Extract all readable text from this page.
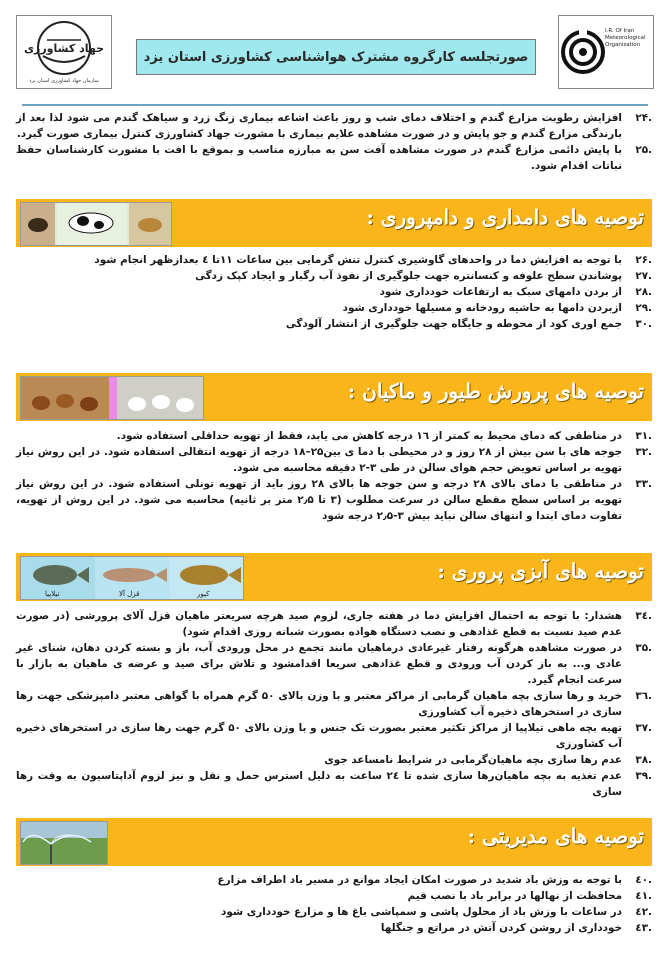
جهاد کشاورزی
سازمان جهاد کشاورزی استان یزد
صورتجلسه کارگروه مشترک هواشناسی کشاورزی استان یزد
I.R. Of Iran Meteorological Organization
.۲۴
افزایش رطوبت مزارع گندم و اختلاف دمای شب و روز باعث اشاعه بیماری زنگ زرد و سیاهک گندم می شود لذا بعد از بارندگی مزارع گندم و جو پایش و در صورت مشاهده علایم بیماری با مشورت جهاد کشاورزی کنترل بیماری صورت گیرد.
.۲۵
با پایش دائمی مزارع گندم در صورت مشاهده آفت سن به مبارزه مناسب و بموقع با افت با مشورت کارشناسان حفظ نباتات اقدام شود.
توصیه های دامداری و دامپروری :
.۲۶
با توجه به افزایش دما در واحدهای گاوشیری کنترل تنش گرمایی بین ساعات ۱۱تا ٤ بعدازظهر انجام شود
.۲۷
پوشاندن سطح علوفه و کنسانتره جهت جلوگیری از نفوذ آب رگبار و ایجاد کپک زدگی
.۲۸
از بردن دامهای سبک به ارتفاعات خودداری شود
.۲۹
ازبردن دامها به حاشیه رودخانه و مسیلها خودداری شود
.۳۰
جمع اوری کود از محوطه و جایگاه جهت جلوگیری از انتشار آلودگی
توصیه های پرورش طیور و ماکیان :
.۳۱
در مناطقی که دمای محیط به کمتر از ۱٦ درجه کاهش می یابد، فقط از تهویه حداقلی استفاده شود.
.۳۲
جوجه های با سن بیش از ۲۸ روز و در محیطی با دما ی بین۲۵–۱۸ درجه از تهویه انتقالی استفاده شود. در این روش نیاز تهویه بر اساس تعویض حجم هوای سالن در طی ۳-۲ دقیقه محاسبه می شود.
.۳۳
در مناطقی با دمای بالای ۲۸ درجه و سن جوجه ها بالای ۲۸ روز باید از تهویه تونلی استفاده شود. در این روش نیاز تهویه بر اساس سطح مقطع سالن در سرعت مطلوب (۳ تا ۲٫۵ متر بر ثانیه) محاسبه می شود. در این روش از تهویه، تفاوت دمای ابتدا و انتهای سالن نباید بیش ۳-۲٫۵ درجه شود
توصیه های آبزی پروری :
تیلاپیا	قزل آلا	کپور
.۳٤
هشدار: با توجه به احتمال افزایش دما در هفته جاری، لزوم صید هرچه سریعتر ماهیان قزل آلای پرورشی (در صورت عدم صید نسبت به قطع غذادهی و نصب دستگاه هواده بصورت شبانه روزی اقدام شود)
.۳۵
در صورت مشاهده هرگونه رفتار غیرعادی درماهیان مانند تجمع در محل ورودی آب، باز و بسته کردن دهان، شنای غیر عادی و... به باز کردن آب ورودی و قطع غذادهی سریعا اقدامشود و تلاش برای صید و عرضه ی ماهیان به بازار با سرعت انجام گیرد.
.۳٦
خرید و رها سازی بچه ماهیان گرمابی از مراکز معتبر و با وزن بالای ۵۰ گرم همراه با گواهی معتبر دامپزشکی جهت رها سازی در استخرهای ذخیره آب کشاورزی
.۳۷
تهیه بچه ماهی تیلاپیا از مراکز تکثیر معتبر بصورت تک جنس و با وزن بالای ۵۰ گرم جهت رها سازی در استخرهای ذخیره آب کشاورزی
.۳۸
عدم رها سازی بچه ماهیان‌گرمابی در شرایط نامساعد جوی
.۳۹
عدم تغذیه به بچه ماهیان‌رها سازی شده تا ۲٤ ساعت به دلیل استرس حمل و نقل و نیز لزوم آداپتاسیون به وقت رها سازی
توصیه های مدیریتی :
.٤۰
با توجه به وزش باد شدید در صورت امکان ایجاد موانع در مسیر باد اطراف مزارع
.٤۱
محافظت از نهالها در برابر باد با نصب قیم
.٤۲
در ساعات با وزش باد از محلول پاشی و سمپاشی باغ ها و مزارع خودداری شود
.٤۳
خودداری از روشن کردن آتش در مراتع و جنگلها
